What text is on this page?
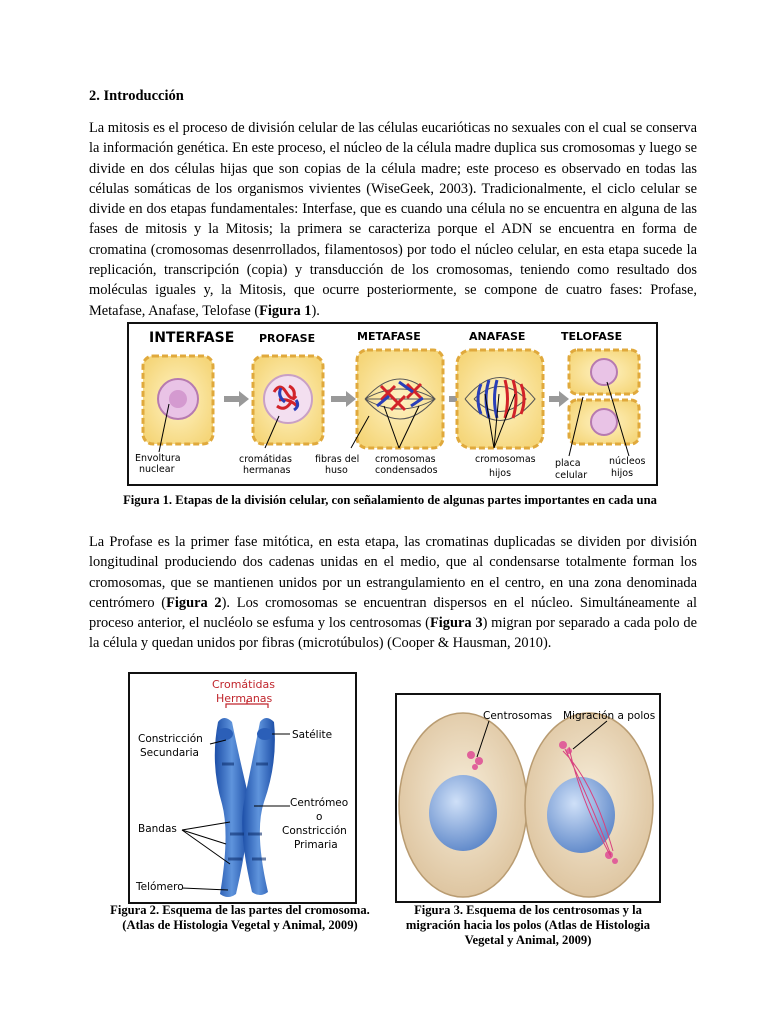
2. Introducción

La mitosis es el proceso de división celular de las células eucarióticas no sexuales con el cual se conserva la información genética. En este proceso, el núcleo de la célula madre duplica sus cromosomas y luego se divide en dos células hijas que son copias de la célula madre; este proceso es observado en todas las células somáticas de los organismos vivientes (WiseGeek, 2003). Tradicionalmente, el ciclo celular se divide en dos etapas fundamentales: Interfase, que es cuando una célula no se encuentra en alguna de las fases de mitosis y la Mitosis; la primera se caracteriza porque el ADN se encuentra en forma de cromatina (cromosomas desenrrollados, filamentosos) por todo el núcleo celular, en esta etapa sucede la replicación, transcripción (copia) y transducción de los cromosomas, teniendo como resultado dos moléculas iguales y, la Mitosis, que ocurre posteriormente, se compone de cuatro fases: Profase, Metafase, Anafase, Telofase (Figura 1).

INTERFASE PROFASE	METAFASE	ANAFASE	TELOFASE
Envoltura
nuclear
cromátidas
hermanas
fibras del
huso
cromosomas
condensados
cromosomas
hijos
placa
celular
núcleos
hijos
Figura 1. Etapas de la división celular, con señalamiento de algunas partes importantes en cada una

La Profase es la primer fase mitótica, en esta etapa, las cromatinas duplicadas se dividen por división longitudinal produciendo dos cadenas unidas en el medio, que al condensarse totalmente forman los cromosomas, que se mantienen unidos por un estrangulamiento en el centro, en una zona denominada centrómero (Figura 2). Los cromosomas se encuentran dispersos en el núcleo. Simultáneamente al proceso anterior, el nucléolo se esfuma y los centrosomas (Figura 3) migran por separado a cada polo de la célula y quedan unidos por fibras (microtúbulos) (Cooper & Hausman, 2010).

Cromátidas
Hermanas
Constricción
Secundaria
Satélite
Centrómeo
o
Constricción
Primaria
Bandas
Telómero
Figura 2. Esquema de las partes del cromosoma. (Atlas de Histologia Vegetal y Animal, 2009)
Centrosomas Migración a polos
Figura 3. Esquema de los centrosomas y la migración hacia los polos (Atlas de Histologia Vegetal y Animal, 2009)
